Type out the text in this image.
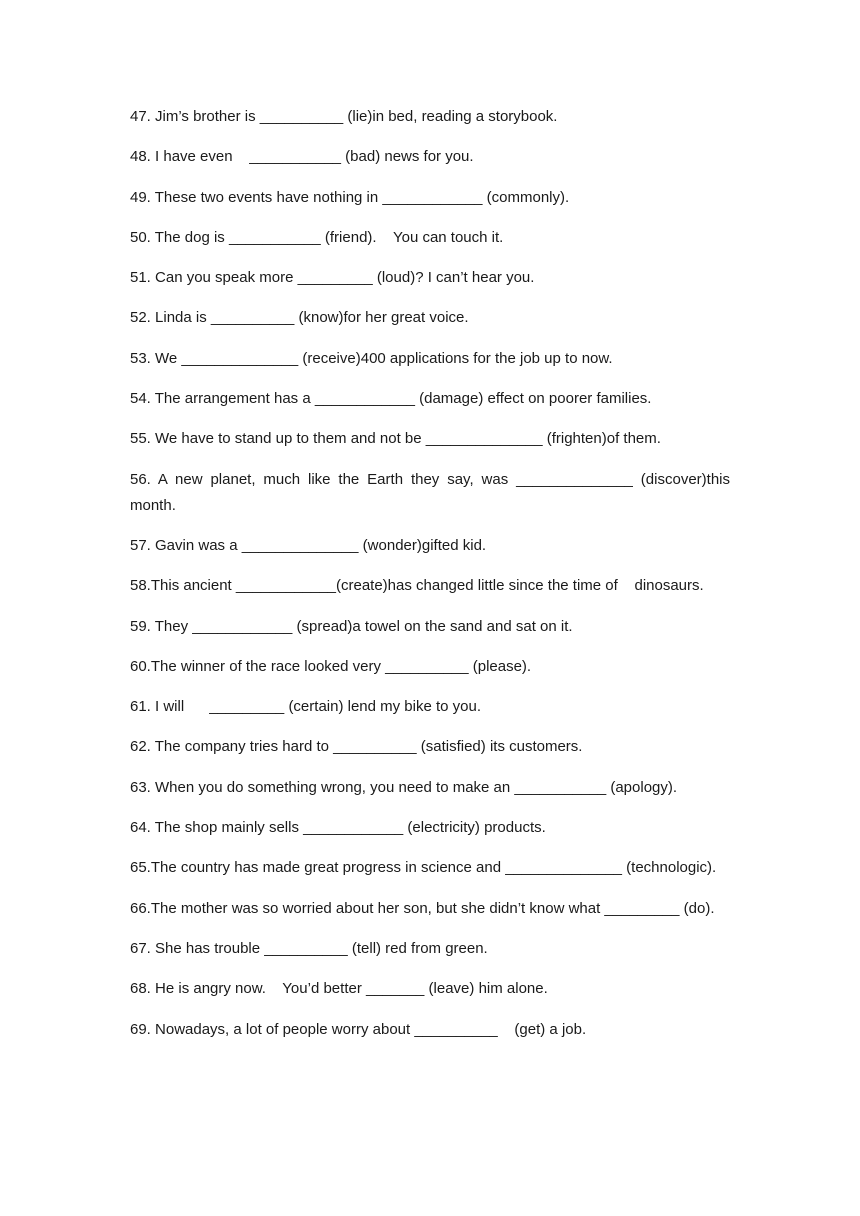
47. Jim’s brother is __________ (lie)in bed, reading a storybook.

48. I have even    ___________ (bad) news for you.

49. These two events have nothing in ____________ (commonly).

50. The dog is ___________ (friend).    You can touch it.

51. Can you speak more _________ (loud)? I can’t hear you.

52. Linda is __________ (know)for her great voice.

53. We ______________ (receive)400 applications for the job up to now.

54. The arrangement has a ____________ (damage) effect on poorer families.

55. We have to stand up to them and not be ______________ (frighten)of them.

56. A new planet, much like the Earth they say, was ______________ (discover)this month.

57. Gavin was a ______________ (wonder)gifted kid.

58.This ancient ____________(create)has changed little since the time of    dinosaurs.

59. They ____________ (spread)a towel on the sand and sat on it.

60.The winner of the race looked very __________ (please).

61. I will      _________ (certain) lend my bike to you.

62. The company tries hard to __________ (satisfied) its customers.

63. When you do something wrong, you need to make an ___________ (apology).

64. The shop mainly sells ____________ (electricity) products.

65.The country has made great progress in science and ______________ (technologic).

66.The mother was so worried about her son, but she didn’t know what _________ (do).

67. She has trouble __________ (tell) red from green.

68. He is angry now.    You’d better _______ (leave) him alone.

69. Nowadays, a lot of people worry about __________    (get) a job.
